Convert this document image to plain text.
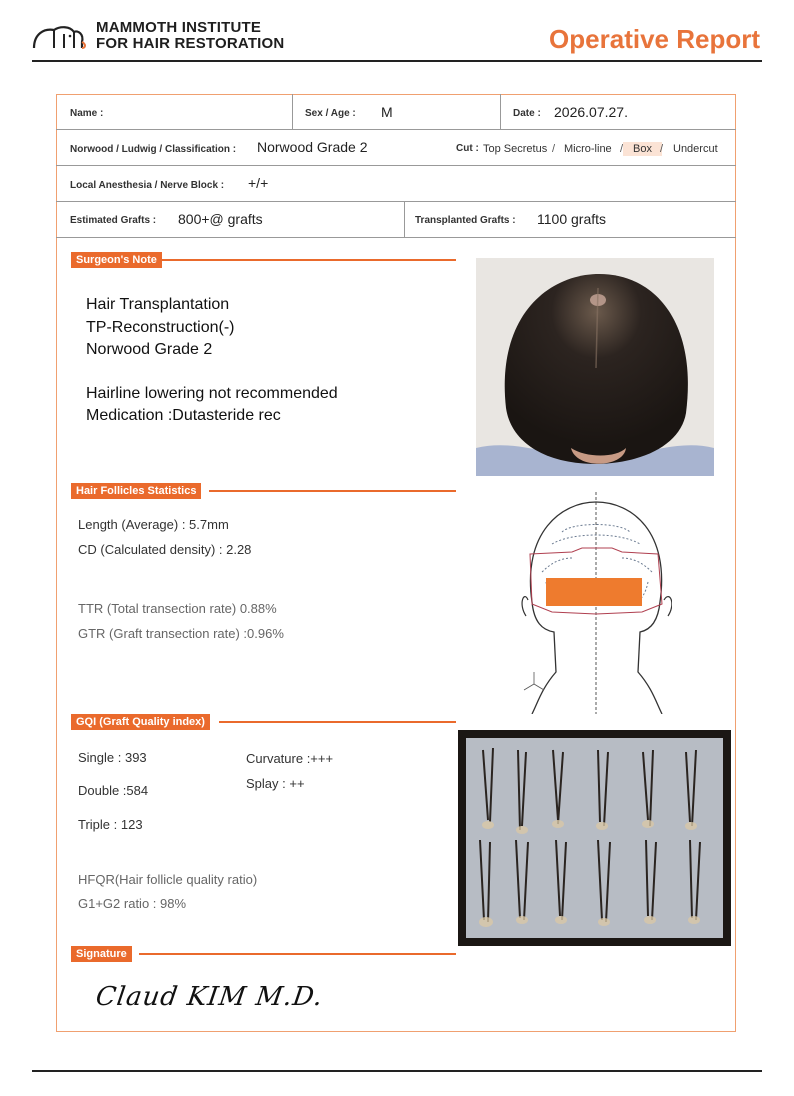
MAMMOTH INSTITUTE
FOR HAIR RESTORATION	Operative Report
Name :	Sex / Age : M	Date : 2026.07.27.
Norwood / Ludwig / Classification : Norwood Grade 2	Cut : Top Secretus / Micro-line / Box / Undercut
Local Anesthesia / Nerve Block : +/+
Estimated Grafts : 800+@ grafts	Transplanted Grafts : 1100 grafts
Surgeon's Note
Hair Transplantation
TP-Reconstruction(-)
Norwood Grade 2
Hairline lowering not recommended
Medication :Dutasteride rec
Hair Follicles Statistics
Length (Average) : 5.7mm
CD (Calculated density) : 2.28
TTR (Total transection rate) 0.88%
GTR (Graft transection rate) :0.96%
GQI (Graft Quality index)
Single : 393
Double :584
Triple : 123
Curvature :+++
Splay : ++
HFQR(Hair follicle quality ratio)
G1+G2 ratio : 98%
Signature
Claud KIM M.D.
